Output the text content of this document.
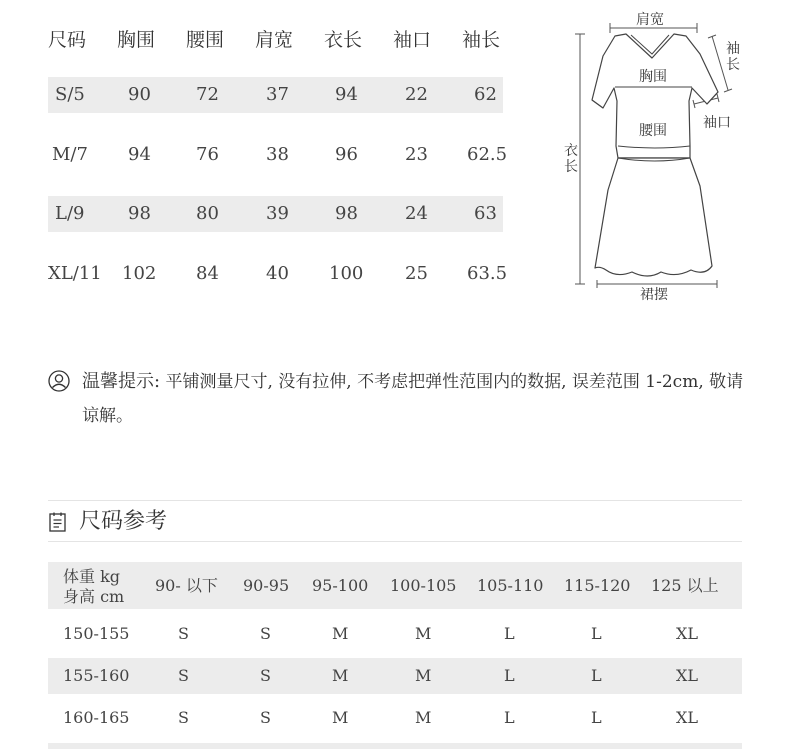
尺码 胸围 腰围 肩宽 衣长 袖口 袖长
S/5 90	72	37	94	22	62
M/7 94	76	38	96	23 62.5
L/9 98	80	39	98	24	63
XL/11 102 84	40 100 25 63.5
肩宽
袖长
胸围
袖口
腰围
衣长
裙摆
温馨提示: 平铺测量尺寸, 没有拉伸, 不考虑把弹性范围内的数据, 误差范围 1-2cm, 敬请谅解。
尺码参考
体重 kg
身高 cm
90- 以下 90-95 95-100 100-105 105-110 115-120 125 以上
150-155	S	S	M	M	L	L	XL
155-160	S	S	M	M	L	L	XL
160-165	S	S	M	M	L	L	XL
